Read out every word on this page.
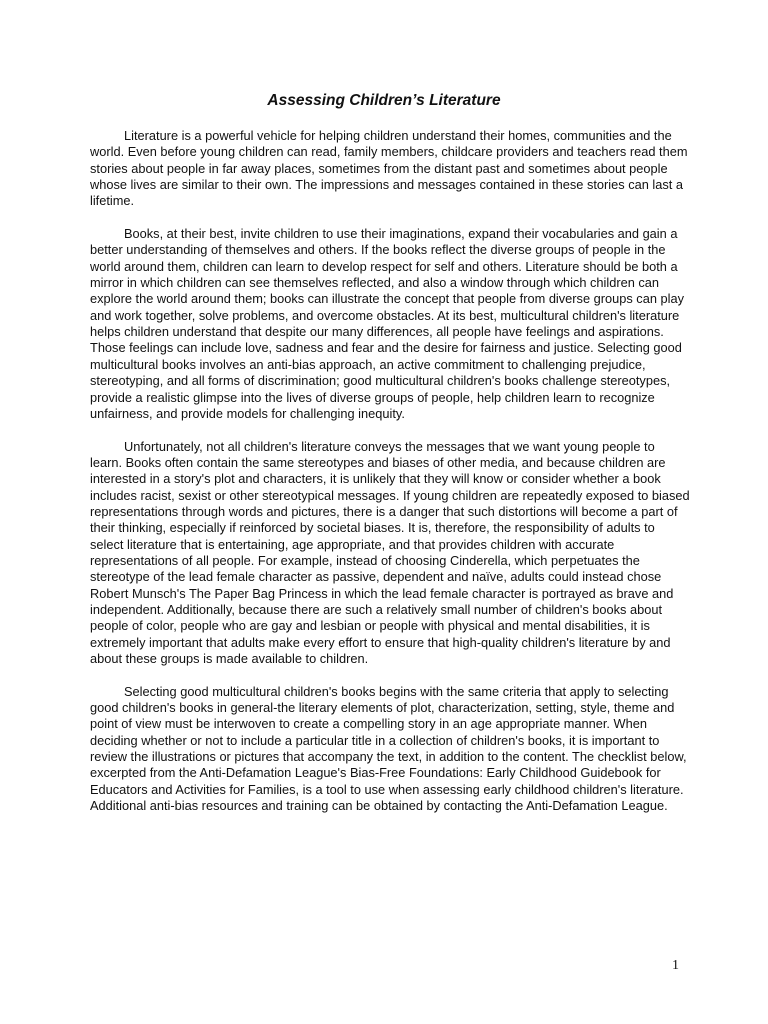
Assessing Children’s Literature

Literature is a powerful vehicle for helping children understand their homes, communities and the world. Even before young children can read, family members, childcare providers and teachers read them stories about people in far away places, sometimes from the distant past and sometimes about people whose lives are similar to their own. The impressions and messages contained in these stories can last a lifetime.

Books, at their best, invite children to use their imaginations, expand their vocabularies and gain a better understanding of themselves and others. If the books reflect the diverse groups of people in the world around them, children can learn to develop respect for self and others. Literature should be both a mirror in which children can see themselves reflected, and also a window through which children can explore the world around them; books can illustrate the concept that people from diverse groups can play and work together, solve problems, and overcome obstacles. At its best, multicultural children's literature helps children understand that despite our many differences, all people have feelings and aspirations. Those feelings can include love, sadness and fear and the desire for fairness and justice. Selecting good multicultural books involves an anti-bias approach, an active commitment to challenging prejudice, stereotyping, and all forms of discrimination; good multicultural children's books challenge stereotypes, provide a realistic glimpse into the lives of diverse groups of people, help children learn to recognize unfairness, and provide models for challenging inequity.

Unfortunately, not all children's literature conveys the messages that we want young people to learn. Books often contain the same stereotypes and biases of other media, and because children are interested in a story's plot and characters, it is unlikely that they will know or consider whether a book includes racist, sexist or other stereotypical messages. If young children are repeatedly exposed to biased representations through words and pictures, there is a danger that such distortions will become a part of their thinking, especially if reinforced by societal biases. It is, therefore, the responsibility of adults to select literature that is entertaining, age appropriate, and that provides children with accurate representations of all people. For example, instead of choosing Cinderella, which perpetuates the stereotype of the lead female character as passive, dependent and naïve, adults could instead chose Robert Munsch's The Paper Bag Princess in which the lead female character is portrayed as brave and independent. Additionally, because there are such a relatively small number of children's books about people of color, people who are gay and lesbian or people with physical and mental disabilities, it is extremely important that adults make every effort to ensure that high-quality children's literature by and about these groups is made available to children.

Selecting good multicultural children's books begins with the same criteria that apply to selecting good children's books in general-the literary elements of plot, characterization, setting, style, theme and point of view must be interwoven to create a compelling story in an age appropriate manner. When deciding whether or not to include a particular title in a collection of children's books, it is important to review the illustrations or pictures that accompany the text, in addition to the content. The checklist below, excerpted from the Anti-Defamation League's Bias-Free Foundations: Early Childhood Guidebook for Educators and Activities for Families, is a tool to use when assessing early childhood children's literature. Additional anti-bias resources and training can be obtained by contacting the Anti-Defamation League.

1
